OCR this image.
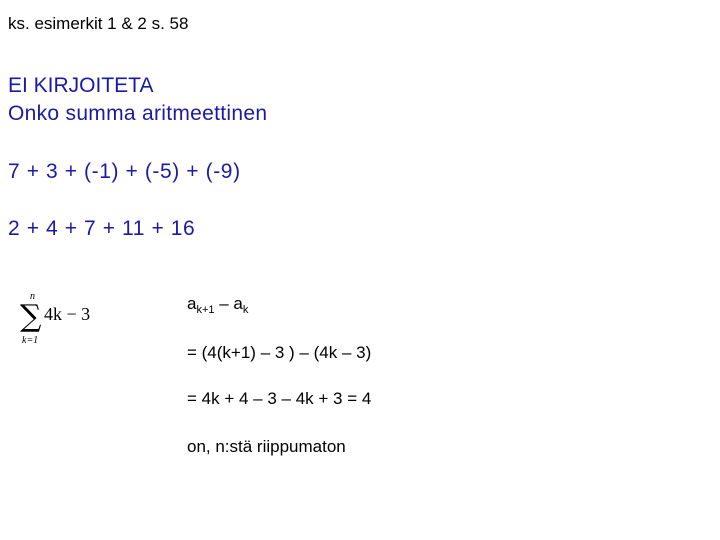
ks. esimerkit 1 & 2 s. 58
EI KIRJOITETA
Onko summa aritmeettinen
7 + 3 + (-1) + (-5) + (-9)
2 + 4 + 7 + 11 + 16
n
∑
k=1
4k − 3
$a_{k+1} - a_k$
= (4(k+1) – 3 ) – (4k – 3)
= 4k + 4 – 3 – 4k + 3 = 4
on, n:stä riippumaton
